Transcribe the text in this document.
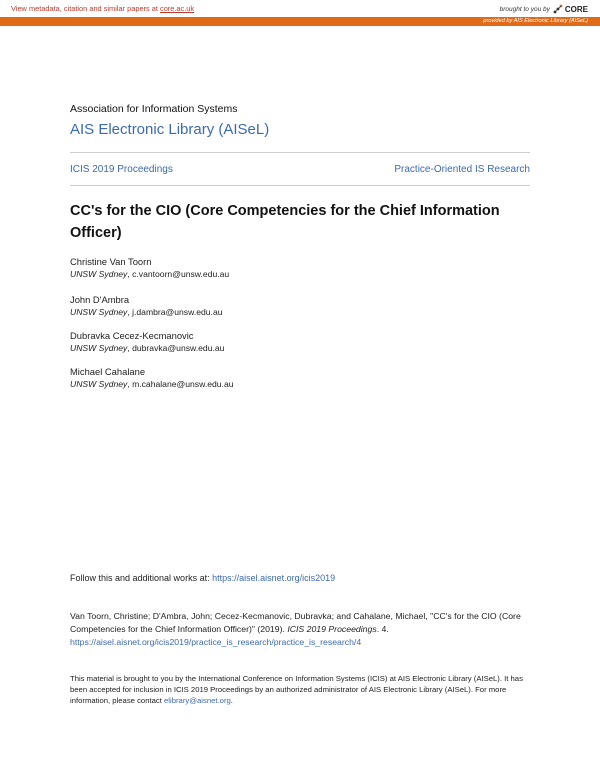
View metadata, citation and similar papers at core.ac.uk	brought to you by CORE
provided by AIS Electronic Library (AISeL)
Association for Information Systems
AIS Electronic Library (AISeL)
ICIS 2019 Proceedings	Practice-Oriented IS Research
CC's for the CIO (Core Competencies for the Chief Information Officer)
Christine Van Toorn
UNSW Sydney, c.vantoorn@unsw.edu.au
John D'Ambra
UNSW Sydney, j.dambra@unsw.edu.au
Dubravka Cecez-Kecmanovic
UNSW Sydney, dubravka@unsw.edu.au
Michael Cahalane
UNSW Sydney, m.cahalane@unsw.edu.au
Follow this and additional works at: https://aisel.aisnet.org/icis2019
Van Toorn, Christine; D'Ambra, John; Cecez-Kecmanovic, Dubravka; and Cahalane, Michael, "CC's for the CIO (Core Competencies for the Chief Information Officer)" (2019). ICIS 2019 Proceedings. 4.
https://aisel.aisnet.org/icis2019/practice_is_research/practice_is_research/4
This material is brought to you by the International Conference on Information Systems (ICIS) at AIS Electronic Library (AISeL). It has been accepted for inclusion in ICIS 2019 Proceedings by an authorized administrator of AIS Electronic Library (AISeL). For more information, please contact elibrary@aisnet.org.
